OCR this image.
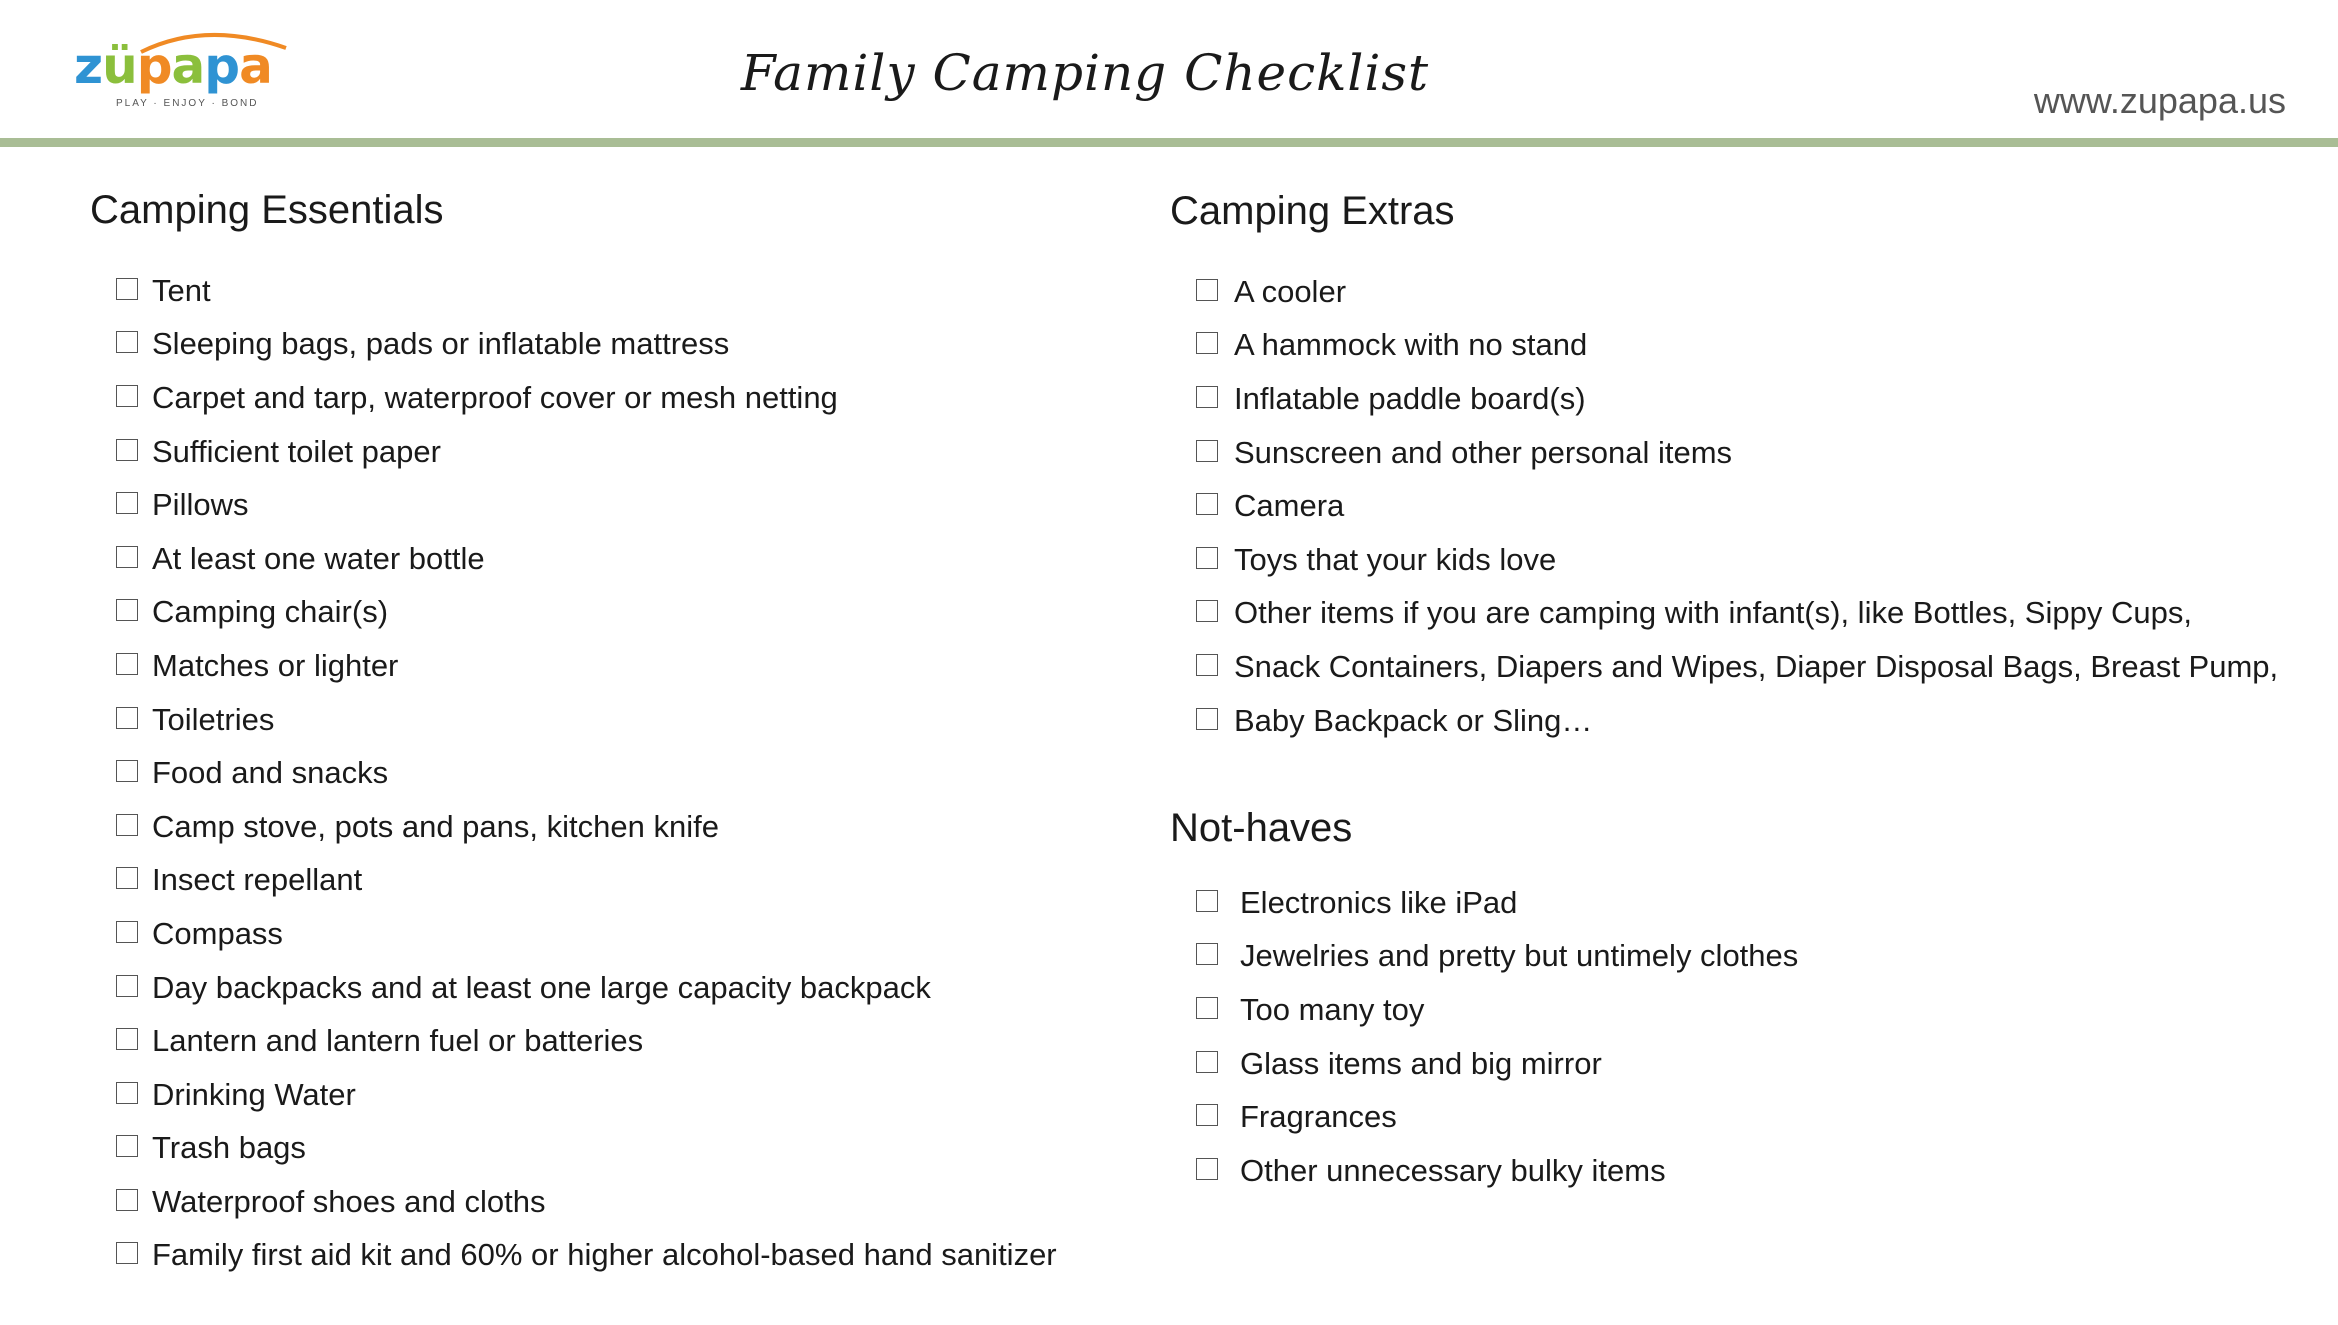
züpapa
PLAY · ENJOY · BOND
Family Camping Checklist	www.zupapa.us
Camping Essentials
Tent
Sleeping bags, pads or inflatable mattress
Carpet and tarp, waterproof cover or mesh netting
Sufficient toilet paper
Pillows
At least one water bottle
Camping chair(s)
Matches or lighter
Toiletries
Food and snacks
Camp stove, pots and pans, kitchen knife
Insect repellant
Compass
Day backpacks and at least one large capacity backpack
Lantern and lantern fuel or batteries
Drinking Water
Trash bags
Waterproof shoes and cloths
Family first aid kit and 60% or higher alcohol-based hand sanitizer
Camping Extras
A cooler
A hammock with no stand
Inflatable paddle board(s)
Sunscreen and other personal items
Camera
Toys that your kids love
Other items if you are camping with infant(s), like Bottles, Sippy Cups,
Snack Containers, Diapers and Wipes, Diaper Disposal Bags, Breast Pump,
Baby Backpack or Sling…
Not-haves
Electronics like iPad
Jewelries and pretty but untimely clothes
Too many toy
Glass items and big mirror
Fragrances
Other unnecessary bulky items
